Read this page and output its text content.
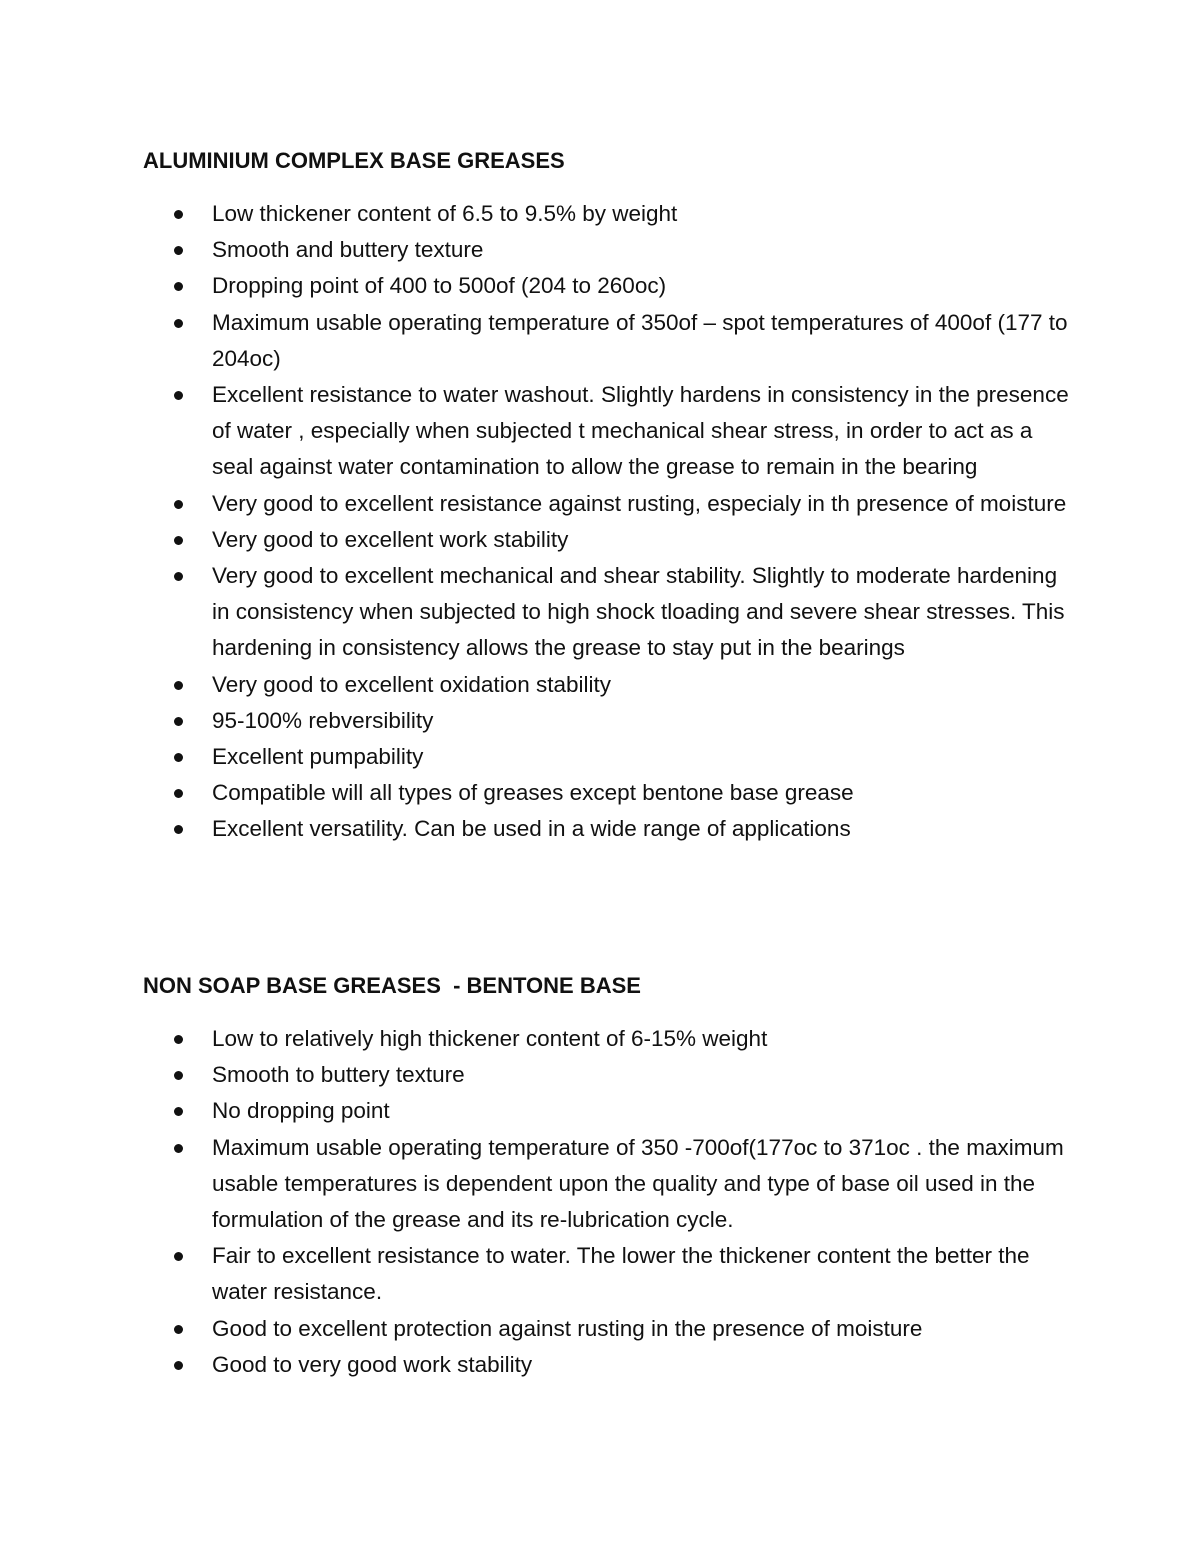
ALUMINIUM COMPLEX BASE GREASES
Low thickener content of 6.5 to 9.5% by weight
Smooth and buttery texture
Dropping point of 400 to 500of (204 to 260oc)
Maximum usable operating temperature of 350of – spot temperatures of 400of (177 to 204oc)
Excellent resistance to water washout. Slightly hardens in consistency in the presence of water , especially when subjected t mechanical shear stress, in order to act as a seal against water contamination to allow the grease to remain in the bearing
Very good to excellent resistance against rusting, especialy in th presence of moisture
Very good to excellent work stability
Very good to excellent mechanical and shear stability. Slightly to moderate hardening in consistency when subjected to high shock tloading and severe shear stresses. This hardening in consistency allows the grease to stay put in the bearings
Very good to excellent oxidation stability
95-100% rebversibility
Excellent pumpability
Compatible will all types of greases except bentone base grease
Excellent versatility. Can be used in a wide range of applications
NON SOAP BASE GREASES  - BENTONE BASE
Low to relatively high thickener content of 6-15% weight
Smooth to buttery texture
No dropping point
Maximum usable operating temperature of 350 -700of(177oc to 371oc . the maximum usable temperatures is dependent upon the quality and type of base oil used in the formulation of the grease and its re-lubrication cycle.
Fair to excellent resistance to water. The lower the thickener content the better the water resistance.
Good to excellent protection against rusting in the presence of moisture
Good to very good work stability
